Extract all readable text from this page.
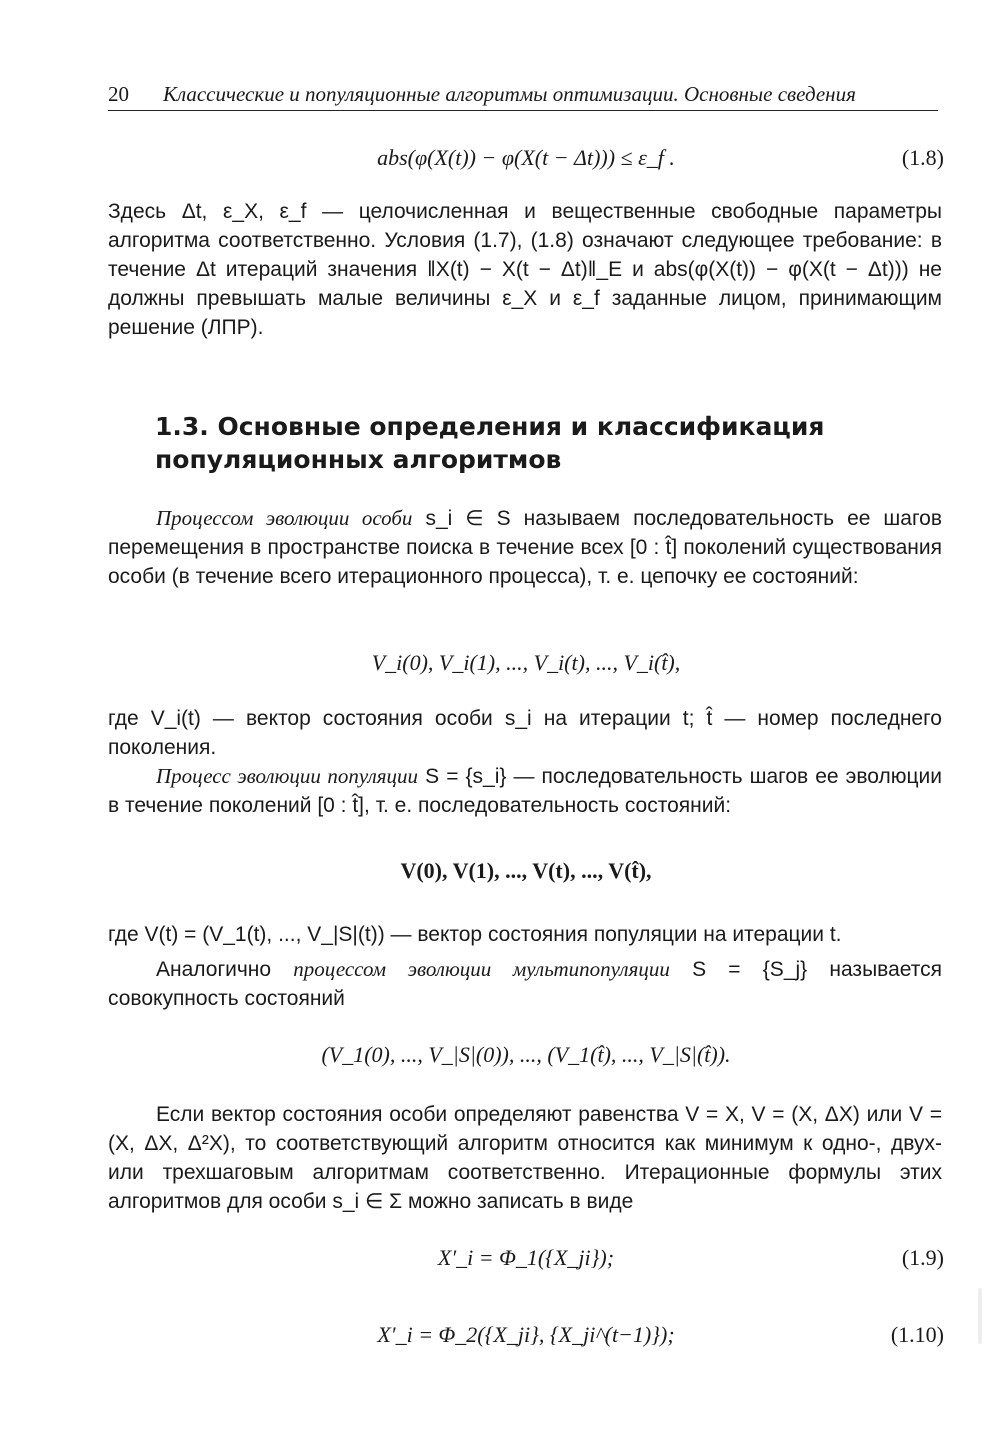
20 Классические и популяционные алгоритмы оптимизации. Основные сведения
abs(φ(X(t)) − φ(X(t − Δt))) ≤ ε_f .	(1.8)
Здесь Δt, ε_X, ε_f — целочисленная и вещественные свободные параметры алгоритма соответственно. Условия (1.7), (1.8) означают следующее требование: в течение Δt итераций значения ‖X(t) − X(t − Δt)‖_E и abs(φ(X(t)) − φ(X(t − Δt))) не должны превышать малые величины ε_X и ε_f заданные лицом, принимающим решение (ЛПР).
1.3. Основные определения и классификация популяционных алгоритмов
Процессом эволюции особи s_i ∈ S называем последовательность ее шагов перемещения в пространстве поиска в течение всех [0 : t̂] поколений существования особи (в течение всего итерационного процесса), т. е. цепочку ее состояний:
V_i(0), V_i(1), ..., V_i(t), ..., V_i(t̂),
где V_i(t) — вектор состояния особи s_i на итерации t; t̂ — номер последнего поколения.
Процесс эволюции популяции S = {s_i} — последовательность шагов ее эволюции в течение поколений [0 : t̂], т. е. последовательность состояний:
V(0), V(1), ..., V(t), ..., V(t̂),
где V(t) = (V_1(t), ..., V_|S|(t)) — вектор состояния популяции на итерации t.
Аналогично процессом эволюции мультипопуляции S = {S_j} называется совокупность состояний
(V_1(0), ..., V_|S|(0)), ..., (V_1(t̂), ..., V_|S|(t̂)).
Если вектор состояния особи определяют равенства V = X, V = (X, ΔX) или V = (X, ΔX, Δ²X), то соответствующий алгоритм относится как минимум к одно-, двух- или трехшаговым алгоритмам соответственно. Итерационные формулы этих алгоритмов для особи s_i ∈ Σ можно записать в виде
X′_i = Φ_1({X_ji});	(1.9)
X′_i = Φ_2({X_ji}, {X_ji^(t−1)});	(1.10)
